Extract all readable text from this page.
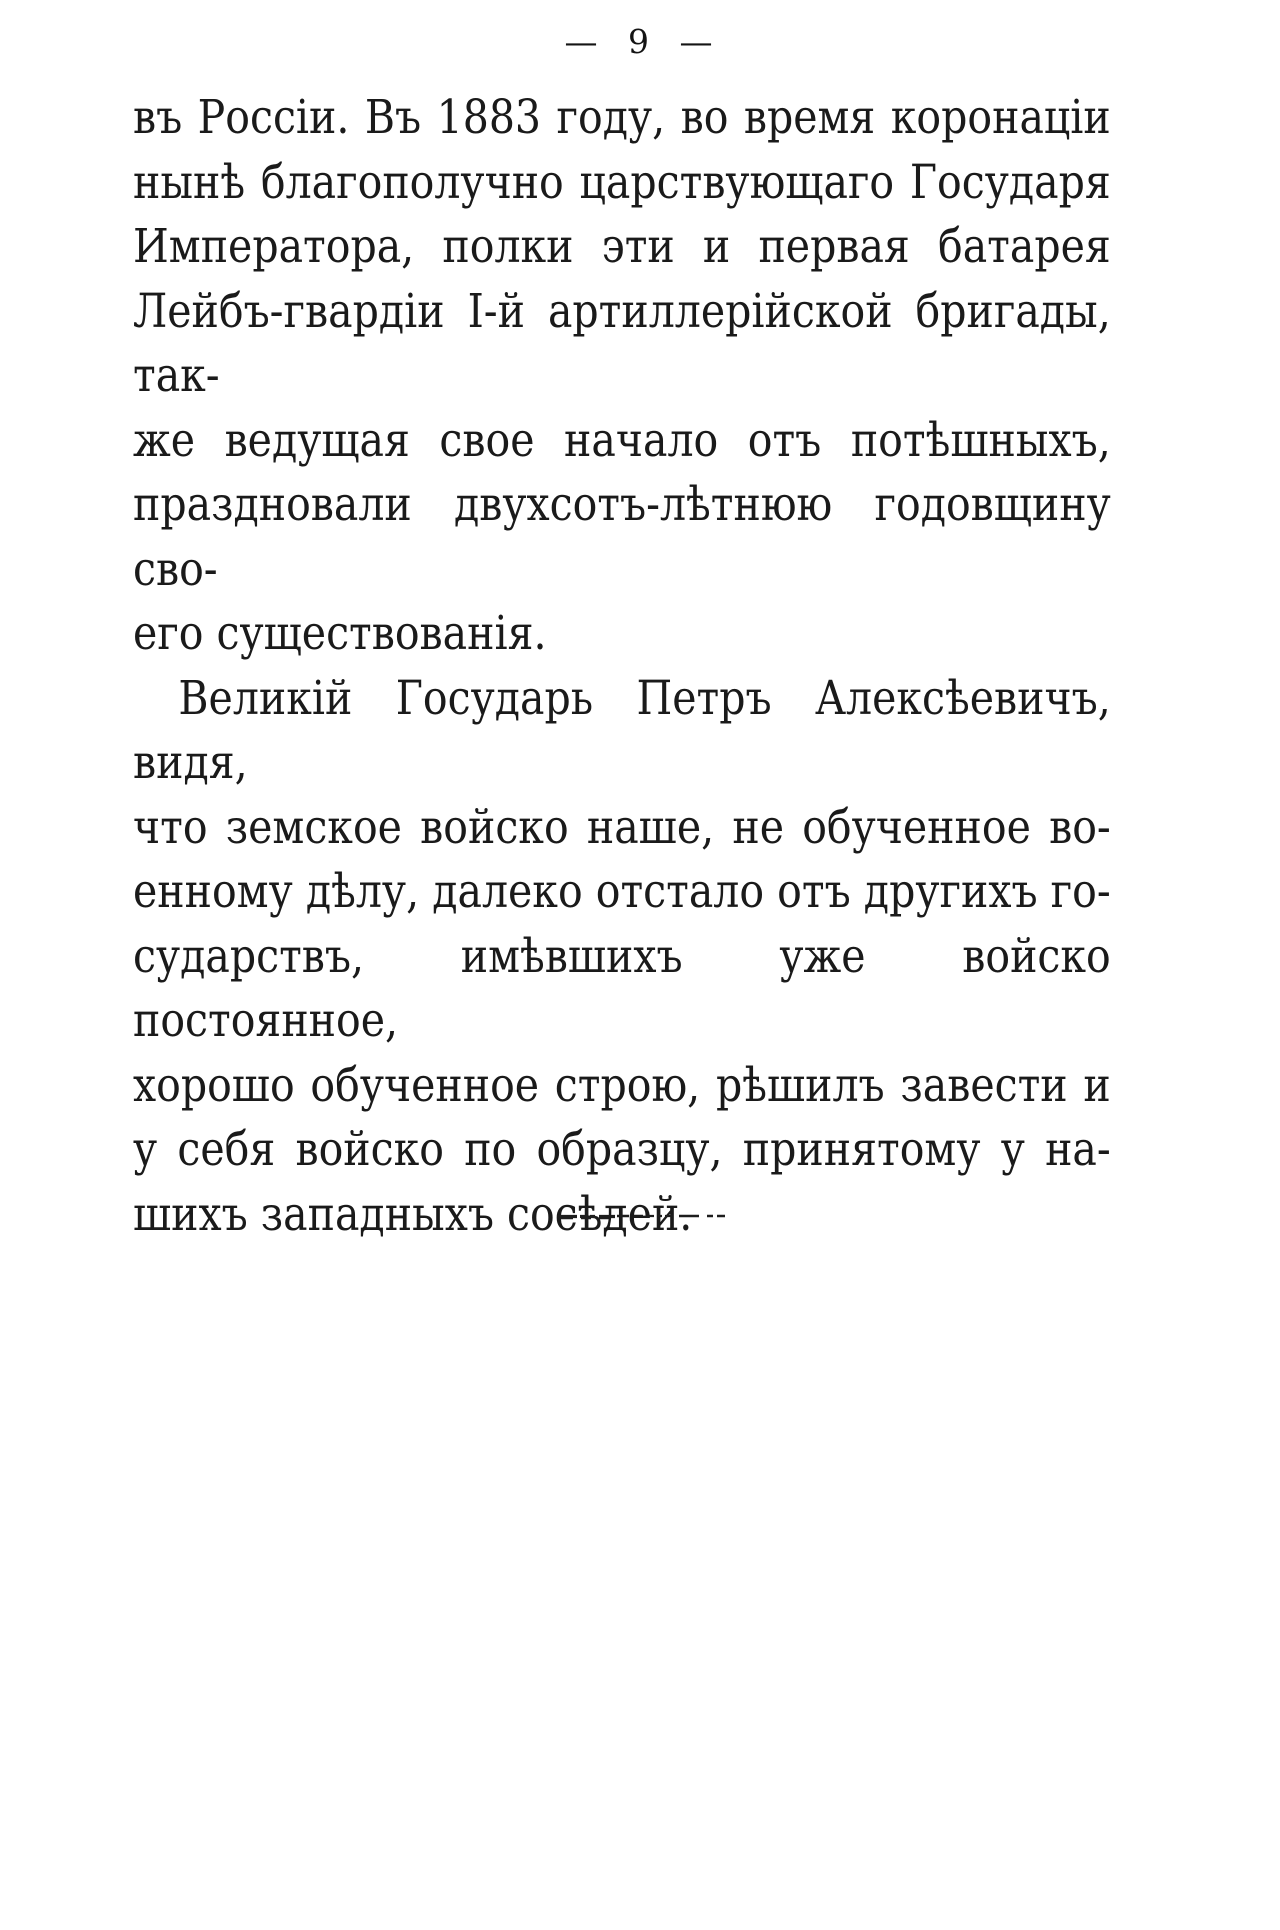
— 9 —

въ Россіи. Въ 1883 году, во время коронаціи
нынѣ благополучно царствующаго Государя
Императора, полки эти и первая батарея
Лейбъ-гвардіи I-й артиллерійской бригады, так-
же ведущая свое начало отъ потѣшныхъ,
праздновали двухсотъ-лѣтнюю годовщину сво-
его существованія.

Великій Государь Петръ Алексѣевичъ, видя,
что земское войско наше, не обученное во-
енному дѣлу, далеко отстало отъ другихъ го-
сударствъ, имѣвшихъ уже войско постоянное,
хорошо обученное строю, рѣшилъ завести и
у себя войско по образцу, принятому у на-
шихъ западныхъ сосѣдей.
